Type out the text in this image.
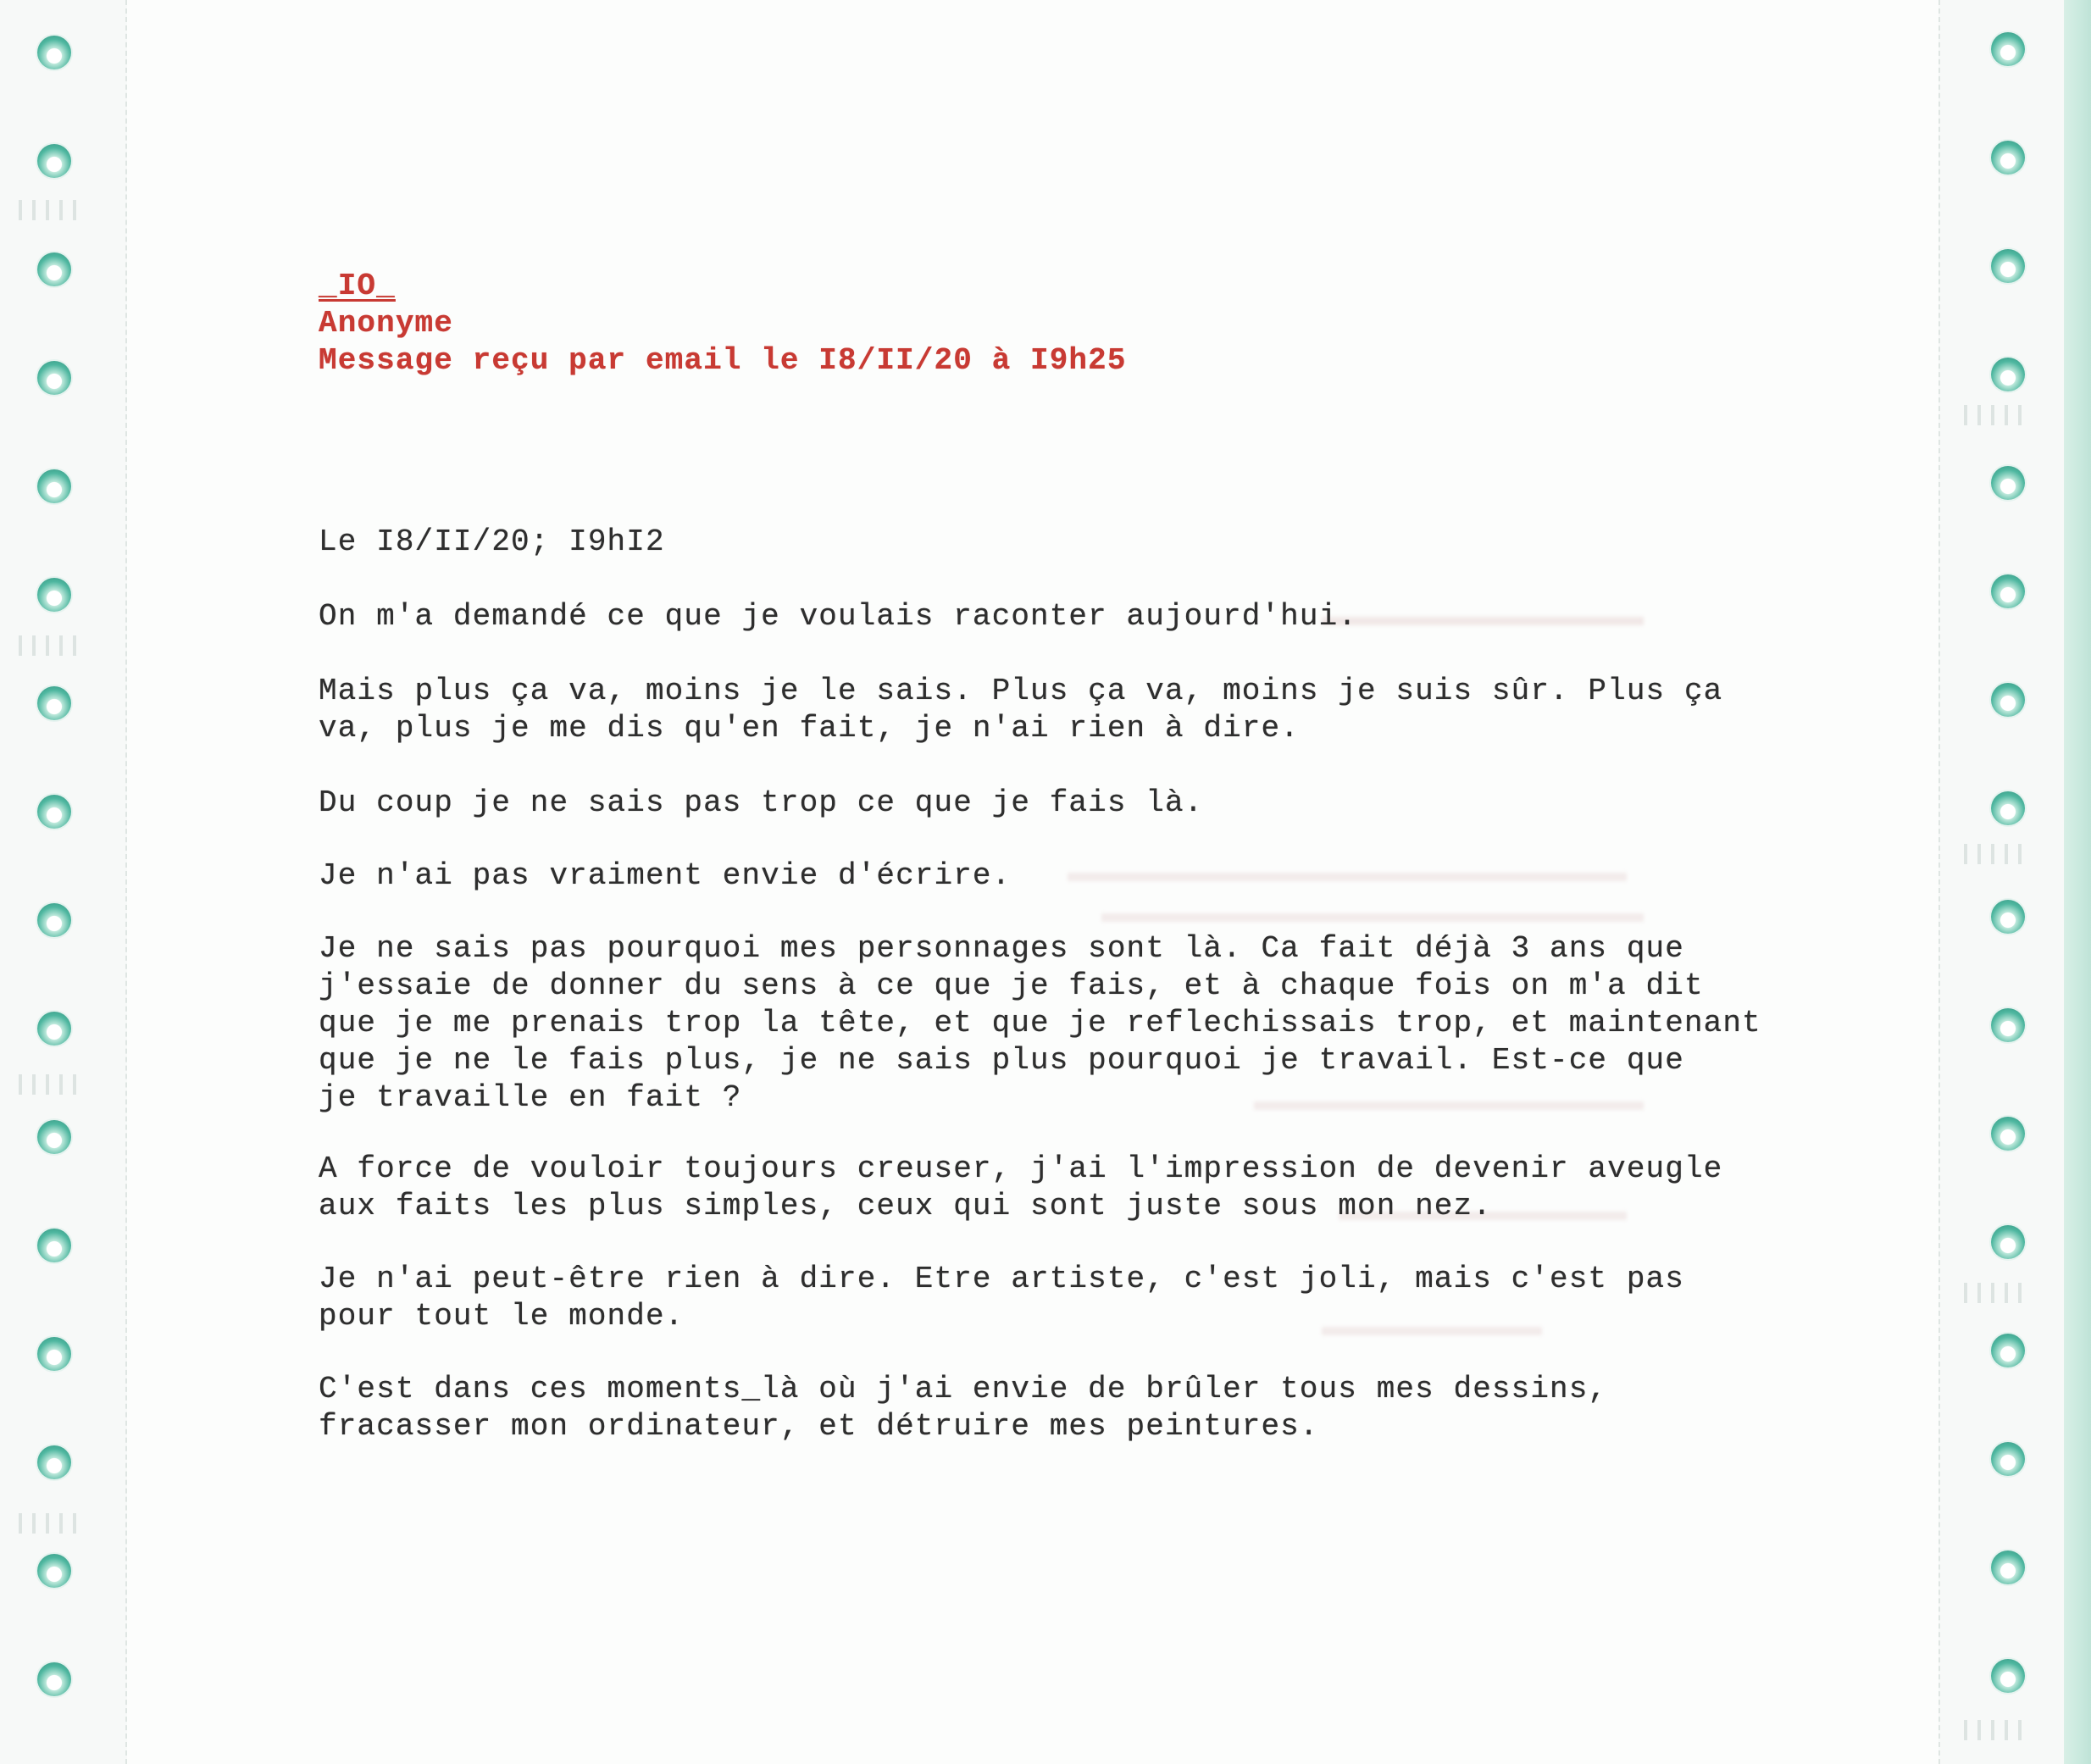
_IO_
Anonyme
Message reçu par email le I8/II/20 à I9h25
Le I8/II/20; I9hI2
On m'a demandé ce que je voulais raconter aujourd'hui.
Mais plus ça va, moins je le sais. Plus ça va, moins je suis sûr. Plus ça
va, plus je me dis qu'en fait, je n'ai rien à dire.
Du coup je ne sais pas trop ce que je fais là.
Je n'ai pas vraiment envie d'écrire.
Je ne sais pas pourquoi mes personnages sont là. Ca fait déjà 3 ans que
j'essaie de donner du sens à ce que je fais, et à chaque fois on m'a dit
que je me prenais trop la tête, et que je reflechissais trop, et maintenant
que je ne le fais plus, je ne sais plus pourquoi je travail. Est-ce que
je travaille en fait ?
A force de vouloir toujours creuser, j'ai l'impression de devenir aveugle
aux faits les plus simples, ceux qui sont juste sous mon nez.
Je n'ai peut-être rien à dire. Etre artiste, c'est joli, mais c'est pas
pour tout le monde.
C'est dans ces moments_là où j'ai envie de brûler tous mes dessins,
fracasser mon ordinateur, et détruire mes peintures.
